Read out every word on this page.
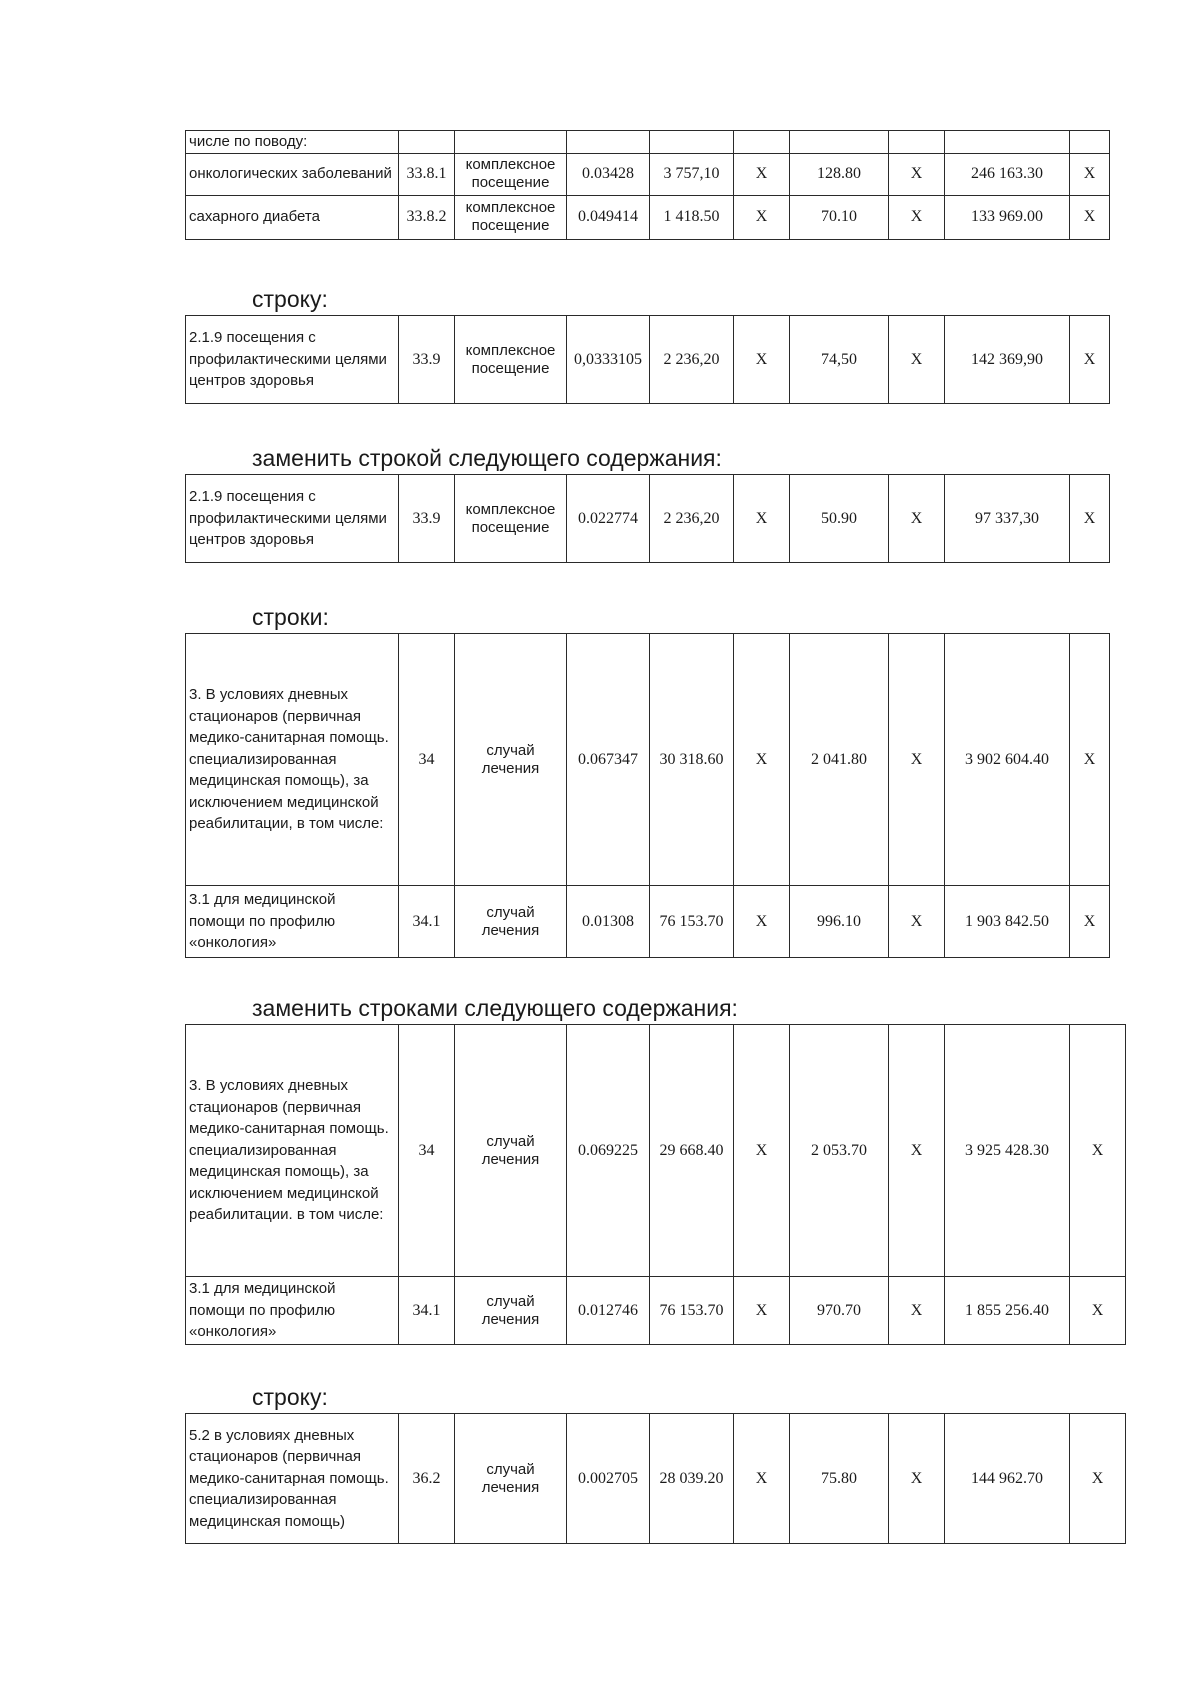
числе по поводу:									
онкологических заболеваний	33.8.1	комплексное посещение	0.03428	3 757,10	X	128.80	X	246 163.30	X
сахарного диабета	33.8.2	комплексное посещение	0.049414	1 418.50	X	70.10	X	133 969.00	X
строку:
2.1.9 посещения с профилактическими целями центров здоровья	33.9	комплексное посещение	0,0333105	2 236,20	X	74,50	X	142 369,90	X
заменить строкой следующего содержания:
2.1.9 посещения с профилактическими целями центров здоровья	33.9	комплексное посещение	0.022774	2 236,20	X	50.90	X	97 337,30	X
строки:
3. В условиях дневных стационаров (первичная медико-санитарная помощь. специализированная медицинская помощь), за исключением медицинской реабилитации, в том числе:	34	случай лечения	0.067347	30 318.60	X	2 041.80	X	3 902 604.40	X
3.1 для медицинской помощи по профилю «онкология»	34.1	случай лечения	0.01308	76 153.70	X	996.10	X	1 903 842.50	X
заменить строками следующего содержания:
3. В условиях дневных стационаров (первичная медико-санитарная помощь. специализированная медицинская помощь), за исключением медицинской реабилитации. в том числе:	34	случай лечения	0.069225	29 668.40	X	2 053.70	X	3 925 428.30	X
3.1 для медицинской помощи по профилю «онкология»	34.1	случай лечения	0.012746	76 153.70	X	970.70	X	1 855 256.40	X
строку:
5.2 в условиях дневных стационаров (первичная медико-санитарная помощь. специализированная медицинская помощь)	36.2	случай лечения	0.002705	28 039.20	X	75.80	X	144 962.70	X
